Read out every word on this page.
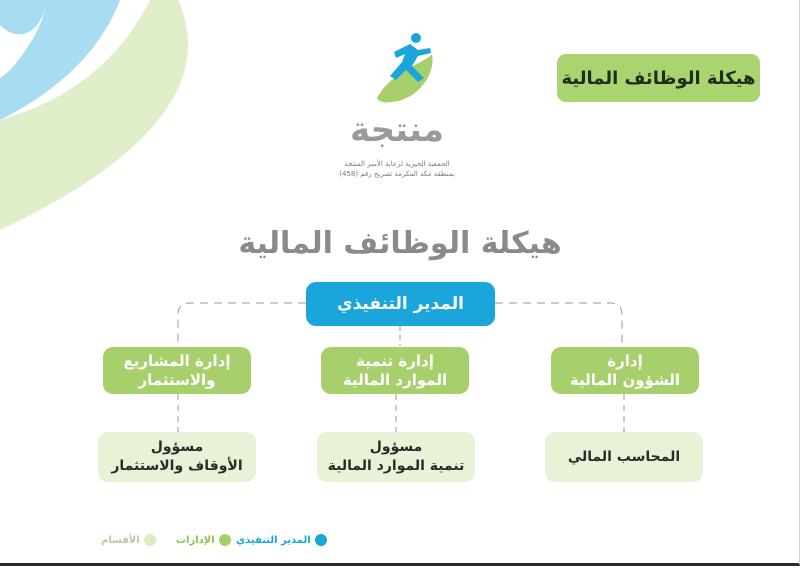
هيكلة الوظائف المالية
منتجة
الجمعية الخيرية لرعاية الأسر المنتجة
بمنطقة مكة المكرمة تصريح رقم (458)
هيكلة الوظائف المالية
المدير التنفيذي
إدارة المشاريع
والاستثمار
إدارة تنمية
الموارد المالية
إدارة
الشؤون المالية
مسؤول
الأوقاف والاستثمار
مسؤول
تنمية الموارد المالية
المحاسب المالي
المدير التنفيذي
الإدارات
الأقسام
